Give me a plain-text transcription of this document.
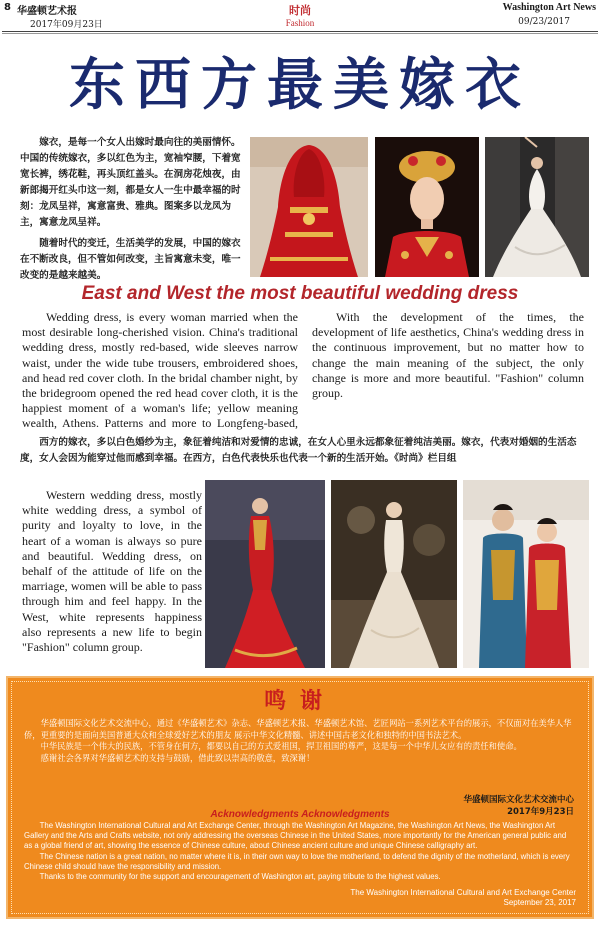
8 华盛顿艺术报	Washington Art News
2017年09月23日	09/23/2017
时尚
Fashion
东西方最美嫁衣

嫁衣，是每一个女人出嫁时最向往的美丽情怀。中国的传统嫁衣，多以红色为主，宽袖窄腰，下着宽宽长裤，绣花鞋，再头顶红盖头。在洞房花烛夜，由新郎揭开红头巾这一刻，都是女人一生中最幸福的时刻：龙凤呈祥，寓意富贵、雅典。图案多以龙凤为主，寓意龙凤呈祥。

随着时代的变迁，生活美学的发展，中国的嫁衣在不断改良，但不管如何改变，主旨寓意未变，唯一改变的是越来越美。

East and West the most beautiful wedding dress

Wedding dress, is every woman married when the most desirable long-cherished vision. China's traditional wedding dress, mostly red-based, wide sleeves narrow waist, under the wide tube trousers, embroidered shoes, and head red cover cloth. In the bridal chamber night, by the bridegroom opened the red head cover cloth, it is the happiest moment of a woman's life; yellow meaning wealth, Athens. Patterns and more to Longfeng-based,

With the development of the times, the development of life aesthetics, China's wedding dress in the continuous improvement, but no matter how to change the main meaning of the subject, the only change is more and more beautiful. "Fashion" column group.

西方的嫁衣，多以白色婚纱为主，象征着纯洁和对爱情的忠诚，在女人心里永远都象征着纯洁美丽。嫁衣，代表对婚姻的生活态度，女人会因为能穿过他而感到幸福。在西方，白色代表快乐也代表一个新的生活开始。《时尚》栏目组

Western wedding dress, mostly white wedding dress, a symbol of purity and loyalty to love, in the heart of a woman is always so pure and beautiful. Wedding dress, on behalf of the attitude of life on the marriage, women will be able to pass through him and feel happy. In the West, white represents happiness also represents a new life to begin "Fashion" column group.

鸣谢

华盛顿国际文化艺术交流中心，通过《华盛顿艺术》杂志、华盛顿艺术报、华盛顿艺术馆、艺匠网站一系列艺术平台的展示，不仅面对在美华人华侨，更重要的是面向美国普通大众和全球爱好艺术的朋友 展示中华文化精髓、讲述中国古老文化和独特的中国书法艺术。

中华民族是一个伟大的民族，不管身在何方，都要以自己的方式爱祖国，捍卫祖国的尊严，这是每一个中华儿女应有的责任和使命。

感谢社会各界对华盛顿艺术的支持与鼓励，借此致以崇高的敬意，致深谢！

华盛顿国际文化艺术交流中心
2017年9月23日
Acknowledgments Acknowledgments

The Washington International Cultural and Art Exchange Center, through the Washington Art Magazine, the Washington Art News, the Washington Art Gallery and the Arts and Crafts website, not only addressing the overseas Chinese in the United States, more importantly for the American general public and as a global friend of art, showing the essence of Chinese culture, about Chinese ancient culture and unique Chinese calligraphy art.

The Chinese nation is a great nation, no matter where it is, in their own way to love the motherland, to defend the dignity of the motherland, which is every Chinese child should have the responsibility and mission.

Thanks to the community for the support and encouragement of Washington art, paying tribute to the highest values.

The Washington International Cultural and Art Exchange Center
September 23, 2017
